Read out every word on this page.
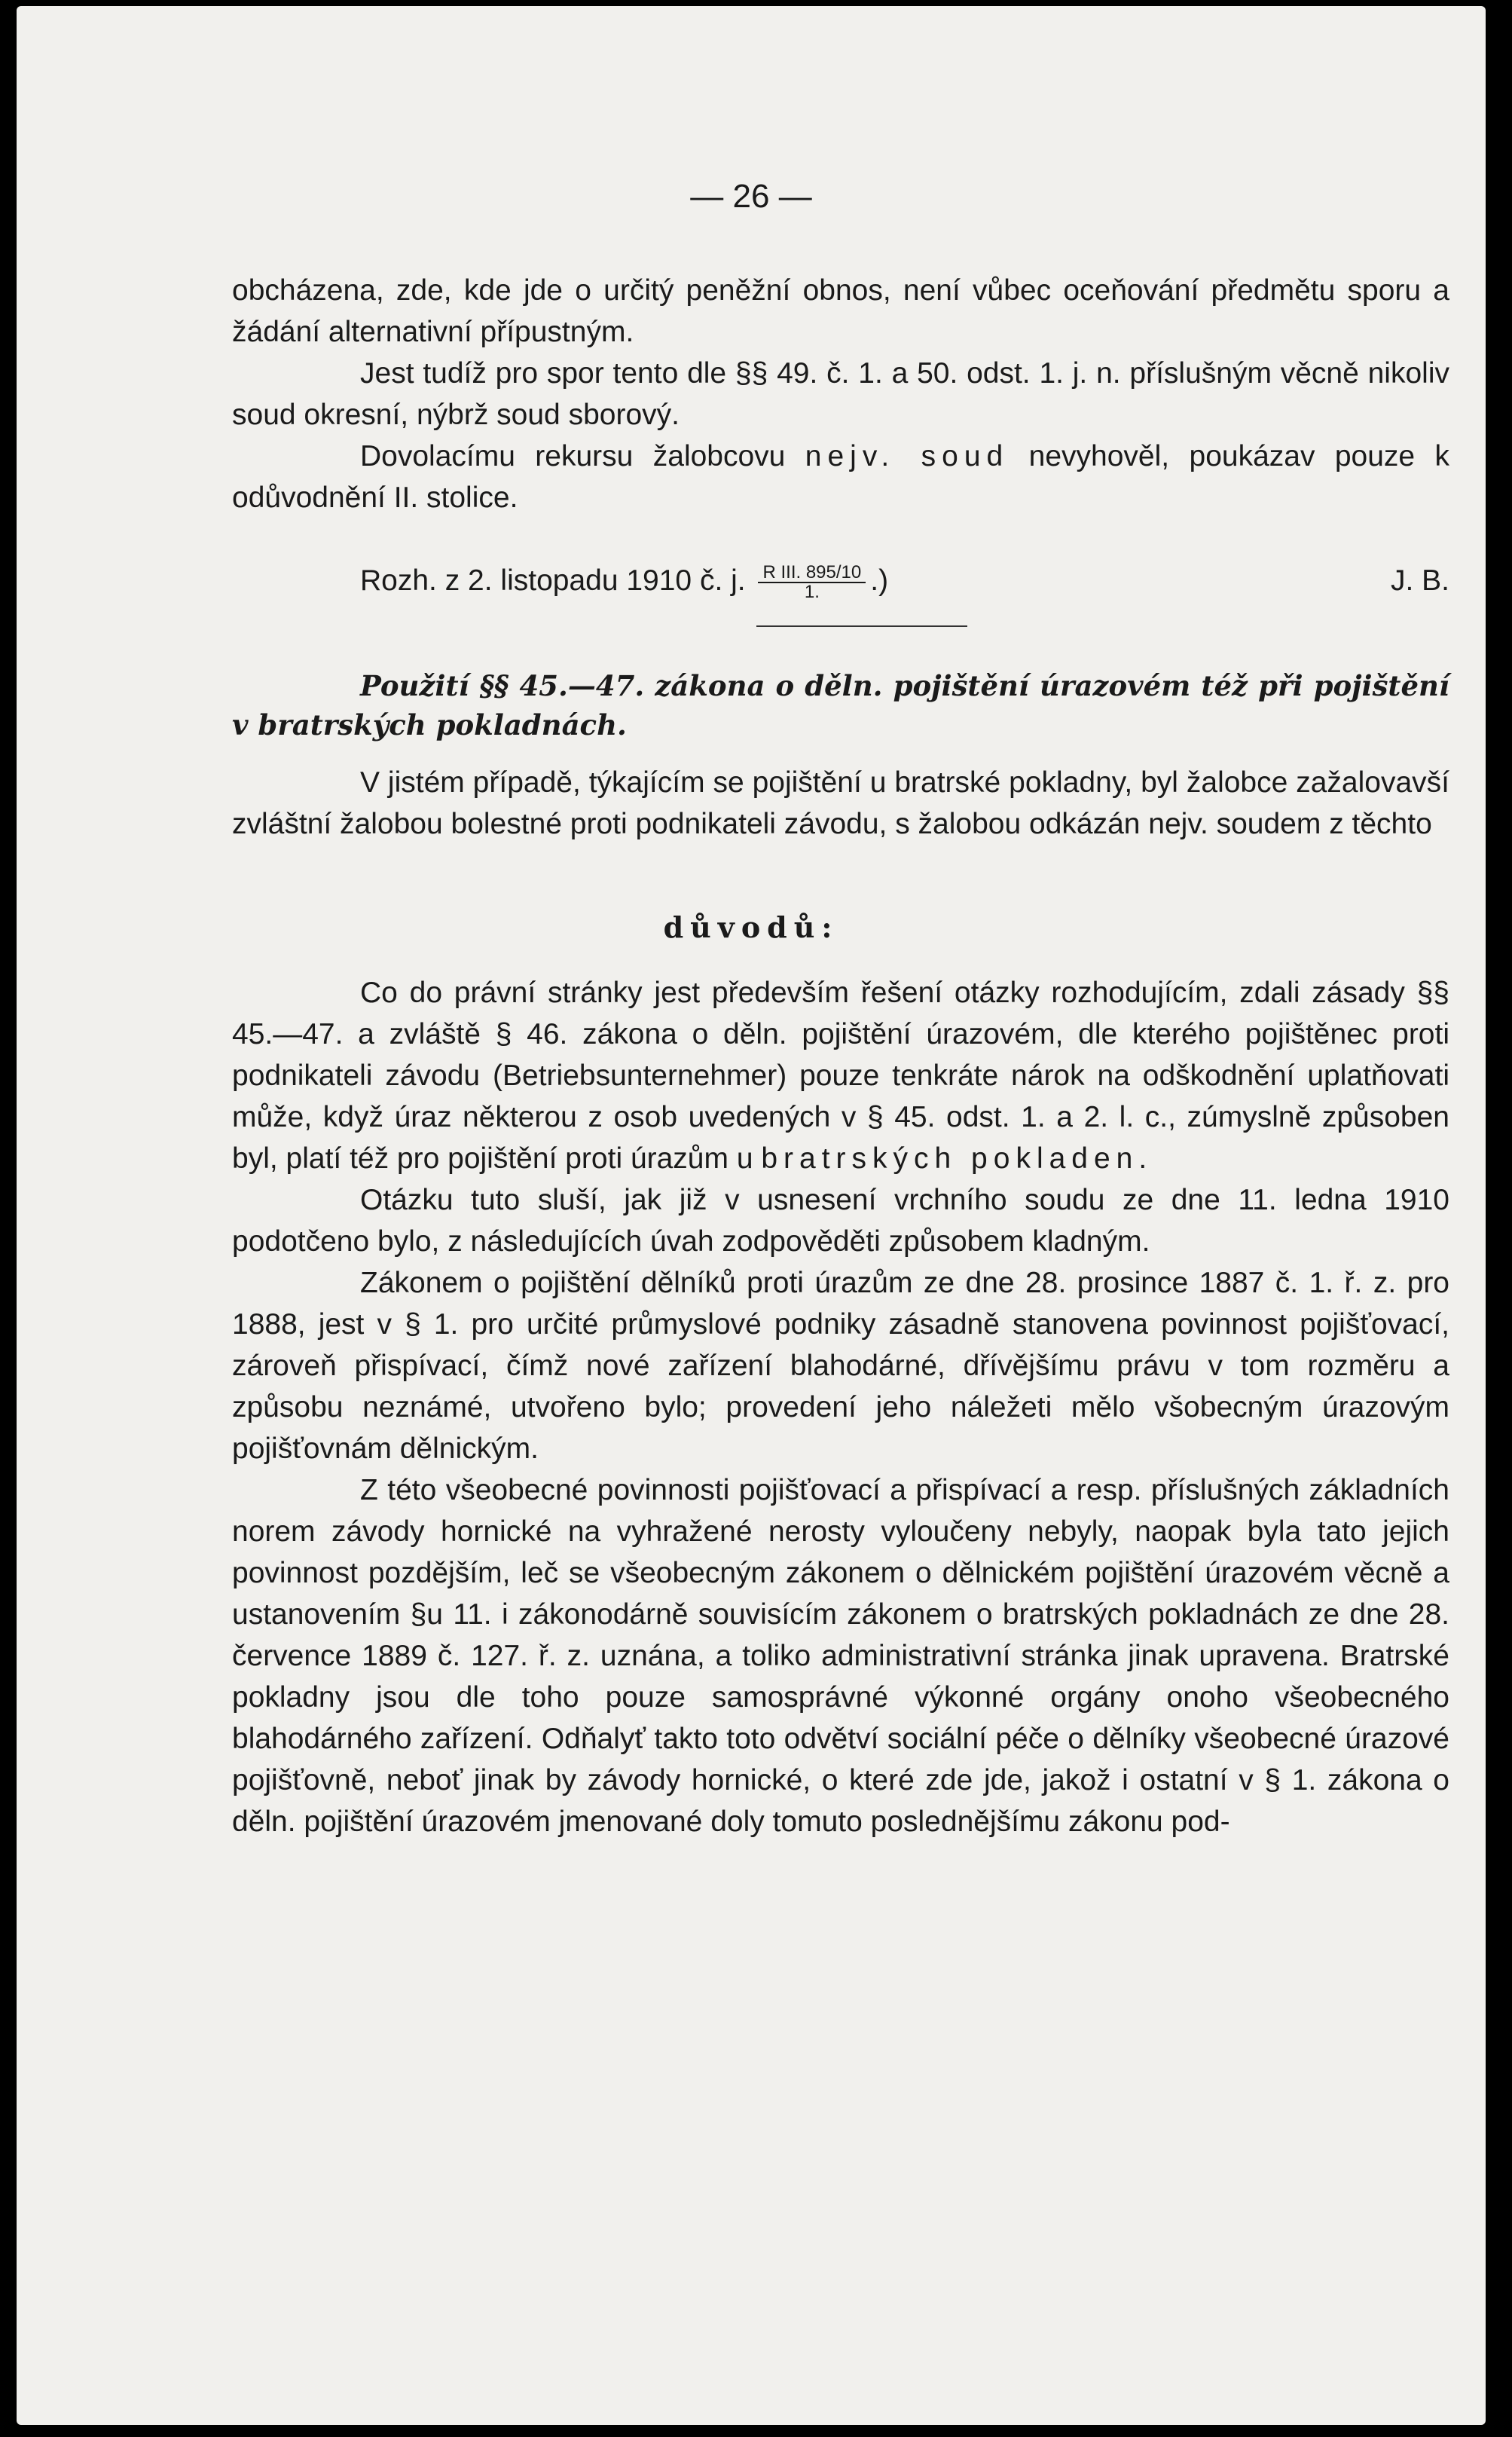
— 26 —

obcházena, zde, kde jde o určitý peněžní obnos, není vůbec oceňování předmětu sporu a žádání alternativní přípustným.

Jest tudíž pro spor tento dle §§ 49. č. 1. a 50. odst. 1. j. n. příslušným věcně nikoliv soud okresní, nýbrž soud sborový.

Dovolacímu rekursu žalobcovu nejv. soud nevyhověl, poukázav pouze k odůvodnění II. stolice.

Rozh. z 2. listopadu 1910 č. j. $\frac{\text{R III. 895/10}}{1.}$ .)	J. B.
Použití §§ 45.—47. zákona o děln. pojištění úrazovém též při pojištění v bratrských pokladnách.

V jistém případě, týkajícím se pojištění u bratrské pokladny, byl žalobce zažalovavší zvláštní žalobou bolestné proti podnikateli závodu, s žalobou odkázán nejv. soudem z těchto

důvodů:

Co do právní stránky jest především řešení otázky rozhodujícím, zdali zásady §§ 45.—47. a zvláště § 46. zákona o děln. pojištění úrazovém, dle kterého pojištěnec proti podnikateli závodu (Betriebsunternehmer) pouze tenkráte nárok na odškodnění uplatňovati může, když úraz některou z osob uvedených v § 45. odst. 1. a 2. l. c., zúmyslně způsoben byl, platí též pro pojištění proti úrazům u bratrských pokladen.

Otázku tuto sluší, jak již v usnesení vrchního soudu ze dne 11. ledna 1910 podotčeno bylo, z následujících úvah zodpověděti způsobem kladným.

Zákonem o pojištění dělníků proti úrazům ze dne 28. prosince 1887 č. 1. ř. z. pro 1888, jest v § 1. pro určité průmyslové podniky zásadně stanovena povinnost pojišťovací, zároveň přispívací, čímž nové zařízení blahodárné, dřívějšímu právu v tom rozměru a způsobu neznámé, utvořeno bylo; provedení jeho náležeti mělo všobecným úrazovým pojišťovnám dělnickým.

Z této všeobecné povinnosti pojišťovací a přispívací a resp. příslušných základních norem závody hornické na vyhražené nerosty vyloučeny nebyly, naopak byla tato jejich povinnost pozdějším, leč se všeobecným zákonem o dělnickém pojištění úrazovém věcně a ustanovením §u 11. i zákonodárně souvisícím zákonem o bratrských pokladnách ze dne 28. července 1889 č. 127. ř. z. uznána, a toliko administrativní stránka jinak upravena. Bratrské pokladny jsou dle toho pouze samosprávné výkonné orgány onoho všeobecného blahodárného zařízení. Odňalyť takto toto odvětví sociální péče o dělníky všeobecné úrazové pojišťovně, neboť jinak by závody hornické, o které zde jde, jakož i ostatní v § 1. zákona o děln. pojištění úrazovém jmenované doly tomuto poslednějšímu zákonu pod-
